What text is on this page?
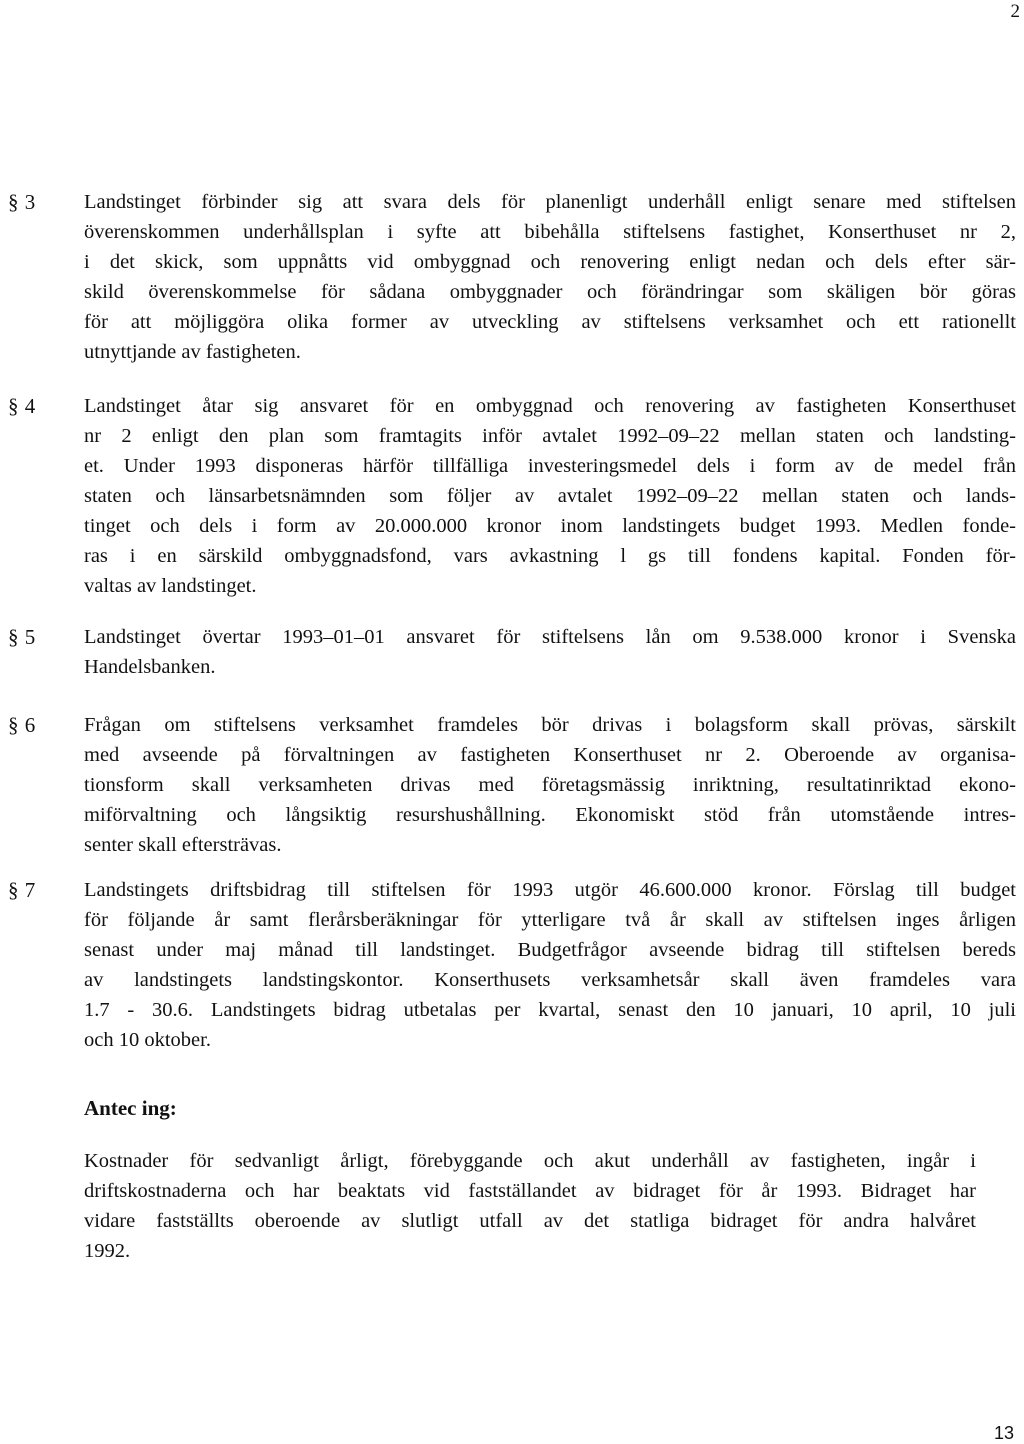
2
§ 3 Landstinget förbinder sig att svara dels för planenligt underhåll enligt senare med stiftelsen
överenskommen underhållsplan i syfte att bibehålla stiftelsens fastighet, Konserthuset nr 2,
i det skick, som uppnåtts vid ombyggnad och renovering enligt nedan och dels efter sär-
skild överenskommelse för sådana ombyggnader och förändringar som skäligen bör göras
för att möjliggöra olika former av utveckling av stiftelsens verksamhet och ett rationellt
utnyttjande av fastigheten.
§ 4 Landstinget åtar sig ansvaret för en ombyggnad och renovering av fastigheten Konserthuset
nr 2 enligt den plan som framtagits inför avtalet 1992–09–22 mellan staten och landsting-
et. Under 1993 disponeras härför tillfälliga investeringsmedel dels i form av de medel från
staten och länsarbetsnämnden som följer av avtalet 1992–09–22 mellan staten och lands-
tinget och dels i form av 20.000.000 kronor inom landstingets budget 1993. Medlen fonde-
ras i en särskild ombyggnadsfond, vars avkastning l gs till fondens kapital. Fonden för-
valtas av landstinget.
§ 5 Landstinget övertar 1993–01–01 ansvaret för stiftelsens lån om 9.538.000 kronor i Svenska
Handelsbanken.
§ 6 Frågan om stiftelsens verksamhet framdeles bör drivas i bolagsform skall prövas, särskilt
med avseende på förvaltningen av fastigheten Konserthuset nr 2. Oberoende av organisa-
tionsform skall verksamheten drivas med företagsmässig inriktning, resultatinriktad ekono-
miförvaltning och långsiktig resurshushållning. Ekonomiskt stöd från utomstående intres-
senter skall eftersträvas.
§ 7 Landstingets driftsbidrag till stiftelsen för 1993 utgör 46.600.000 kronor. Förslag till budget
för följande år samt flerårsberäkningar för ytterligare två år skall av stiftelsen inges årligen
senast under maj månad till landstinget. Budgetfrågor avseende bidrag till stiftelsen bereds
av landstingets landstingskontor. Konserthusets verksamhetsår skall även framdeles vara
1.7 - 30.6. Landstingets bidrag utbetalas per kvartal, senast den 10 januari, 10 april, 10 juli
och 10 oktober.
Antec ing:
Kostnader för sedvanligt årligt, förebyggande och akut underhåll av fastigheten, ingår i
driftskostnaderna och har beaktats vid fastställandet av bidraget för år 1993. Bidraget har
vidare fastställts oberoende av slutligt utfall av det statliga bidraget för andra halvåret
1992.
13
